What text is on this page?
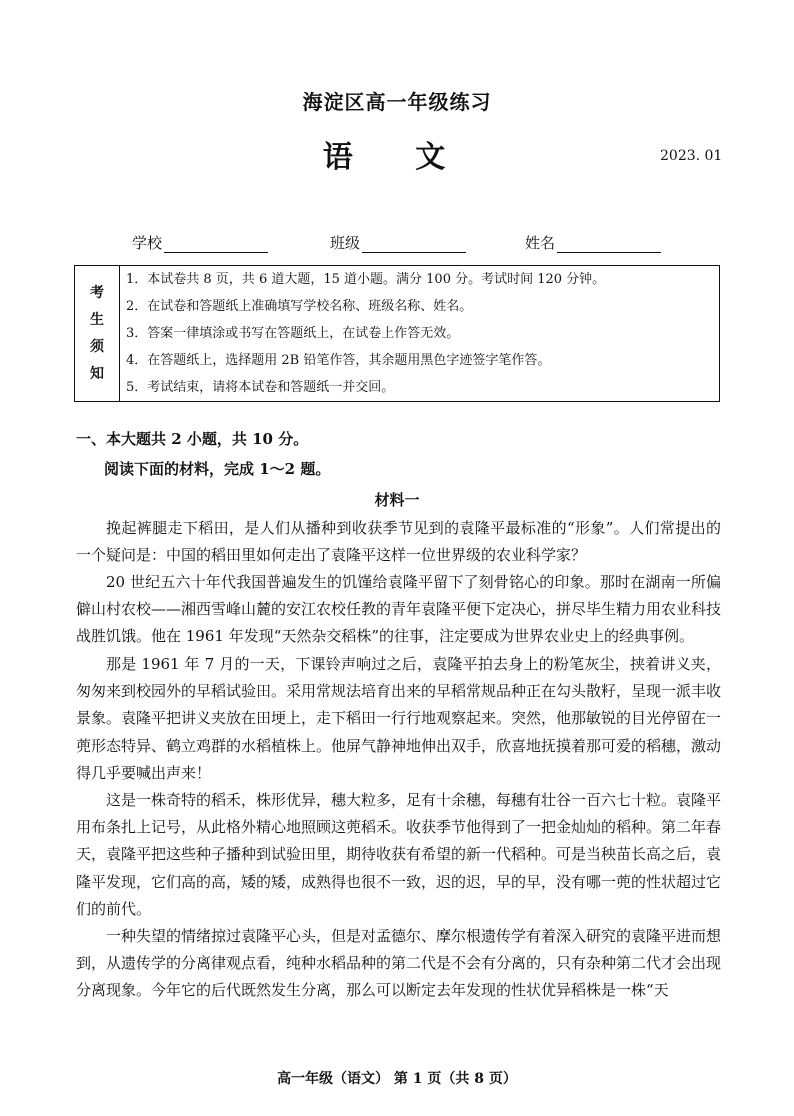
海淀区高一年级练习
语 文	2023. 01
学校	班级	姓名
考
生
须
知

1．本试卷共 8 页，共 6 道大题，15 道小题。满分 100 分。考试时间 120 分钟。
2．在试卷和答题纸上准确填写学校名称、班级名称、姓名。
3．答案一律填涂或书写在答题纸上，在试卷上作答无效。
4．在答题纸上，选择题用 2B 铅笔作答，其余题用黑色字迹签字笔作答。
5．考试结束，请将本试卷和答题纸一并交回。
一、本大题共 2 小题，共 10 分。
阅读下面的材料，完成 1～2 题。
材料一

挽起裤腿走下稻田，是人们从播种到收获季节见到的袁隆平最标准的“形象”。人们常提出的一个疑问是：中国的稻田里如何走出了袁隆平这样一位世界级的农业科学家？

20 世纪五六十年代我国普遍发生的饥馑给袁隆平留下了刻骨铭心的印象。那时在湖南一所偏僻山村农校——湘西雪峰山麓的安江农校任教的青年袁隆平便下定决心，拼尽毕生精力用农业科技战胜饥饿。他在 1961 年发现“天然杂交稻株”的往事，注定要成为世界农业史上的经典事例。

那是 1961 年 7 月的一天，下课铃声响过之后，袁隆平拍去身上的粉笔灰尘，挟着讲义夹，匆匆来到校园外的早稻试验田。采用常规法培育出来的早稻常规品种正在勾头散籽，呈现一派丰收景象。袁隆平把讲义夹放在田埂上，走下稻田一行行地观察起来。突然，他那敏锐的目光停留在一蔸形态特异、鹤立鸡群的水稻植株上。他屏气静神地伸出双手，欣喜地抚摸着那可爱的稻穗，激动得几乎要喊出声来！

这是一株奇特的稻禾，株形优异，穗大粒多，足有十余穗，每穗有壮谷一百六七十粒。袁隆平用布条扎上记号，从此格外精心地照顾这蔸稻禾。收获季节他得到了一把金灿灿的稻种。第二年春天，袁隆平把这些种子播种到试验田里，期待收获有希望的新一代稻种。可是当秧苗长高之后，袁隆平发现，它们高的高，矮的矮，成熟得也很不一致，迟的迟，早的早，没有哪一蔸的性状超过它们的前代。

一种失望的情绪掠过袁隆平心头，但是对孟德尔、摩尔根遗传学有着深入研究的袁隆平进而想到，从遗传学的分离律观点看，纯种水稻品种的第二代是不会有分离的，只有杂种第二代才会出现分离现象。今年它的后代既然发生分离，那么可以断定去年发现的性状优异稻株是一株“天

高一年级（语文） 第 1 页（共 8 页）
